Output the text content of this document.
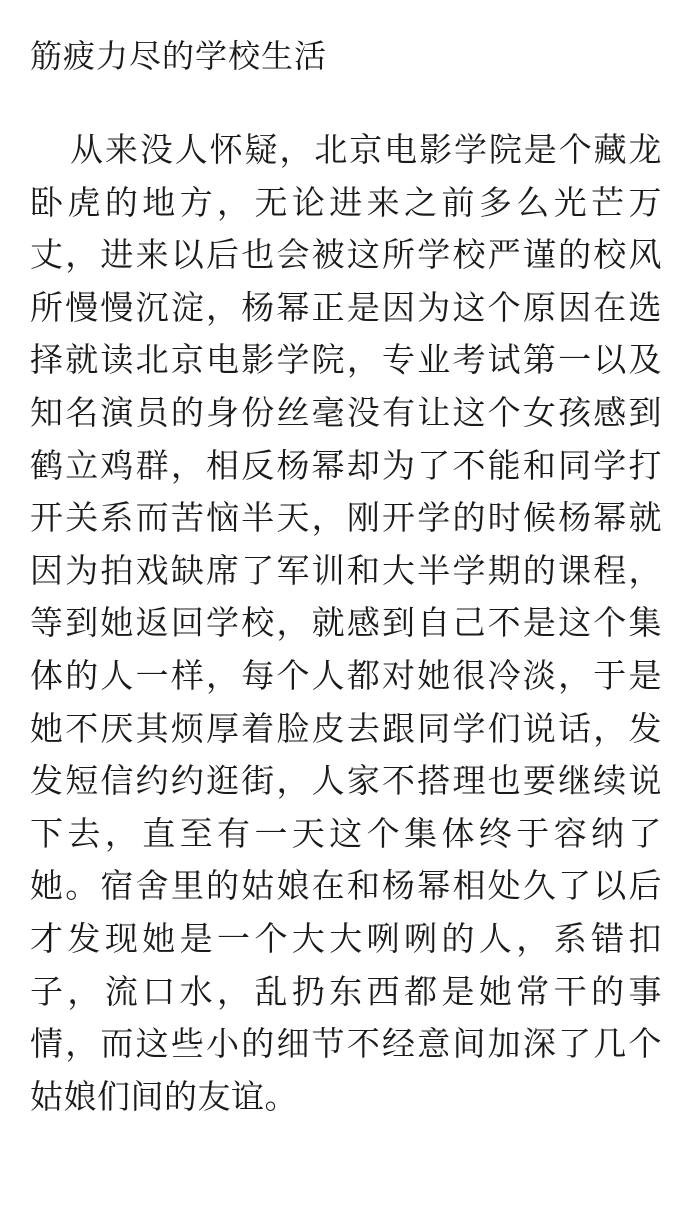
筋疲力尽的学校生活

从来没人怀疑，北京电影学院是个藏龙卧虎的地方，无论进来之前多么光芒万丈，进来以后也会被这所学校严谨的校风所慢慢沉淀，杨幂正是因为这个原因在选择就读北京电影学院，专业考试第一以及知名演员的身份丝毫没有让这个女孩感到鹤立鸡群，相反杨幂却为了不能和同学打开关系而苦恼半天，刚开学的时候杨幂就因为拍戏缺席了军训和大半学期的课程，等到她返回学校，就感到自己不是这个集体的人一样，每个人都对她很冷淡，于是她不厌其烦厚着脸皮去跟同学们说话，发发短信约约逛街，人家不搭理也要继续说下去，直至有一天这个集体终于容纳了她。宿舍里的姑娘在和杨幂相处久了以后才发现她是一个大大咧咧的人，系错扣子，流口水，乱扔东西都是她常干的事情，而这些小的细节不经意间加深了几个姑娘们间的友谊。
